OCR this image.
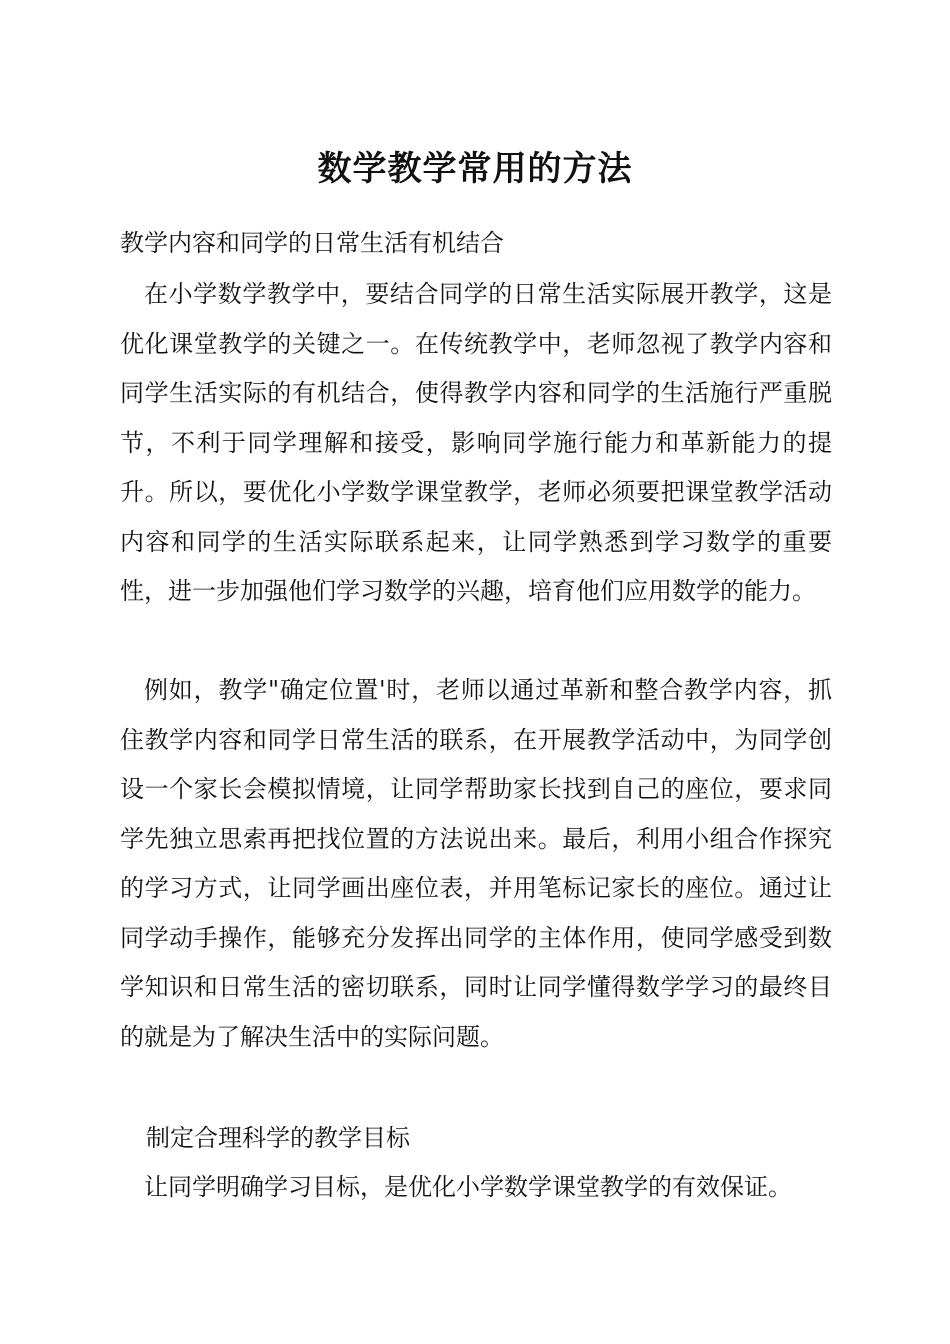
数学教学常用的方法
教学内容和同学的日常生活有机结合

在小学数学教学中，要结合同学的日常生活实际展开教学，这是优化课堂教学的关键之一。在传统教学中，老师忽视了教学内容和同学生活实际的有机结合，使得教学内容和同学的生活施行严重脱节，不利于同学理解和接受，影响同学施行能力和革新能力的提升。所以，要优化小学数学课堂教学，老师必须要把课堂教学活动内容和同学的生活实际联系起来，让同学熟悉到学习数学的重要性，进一步加强他们学习数学的兴趣，培育他们应用数学的能力。

例如，教学"确定位置'时，老师以通过革新和整合教学内容，抓住教学内容和同学日常生活的联系，在开展教学活动中，为同学创设一个家长会模拟情境，让同学帮助家长找到自己的座位，要求同学先独立思索再把找位置的方法说出来。最后，利用小组合作探究的学习方式，让同学画出座位表，并用笔标记家长的座位。通过让同学动手操作，能够充分发挥出同学的主体作用，使同学感受到数学知识和日常生活的密切联系，同时让同学懂得数学学习的最终目的就是为了解决生活中的实际问题。

制定合理科学的教学目标

让同学明确学习目标，是优化小学数学课堂教学的有效保证。
